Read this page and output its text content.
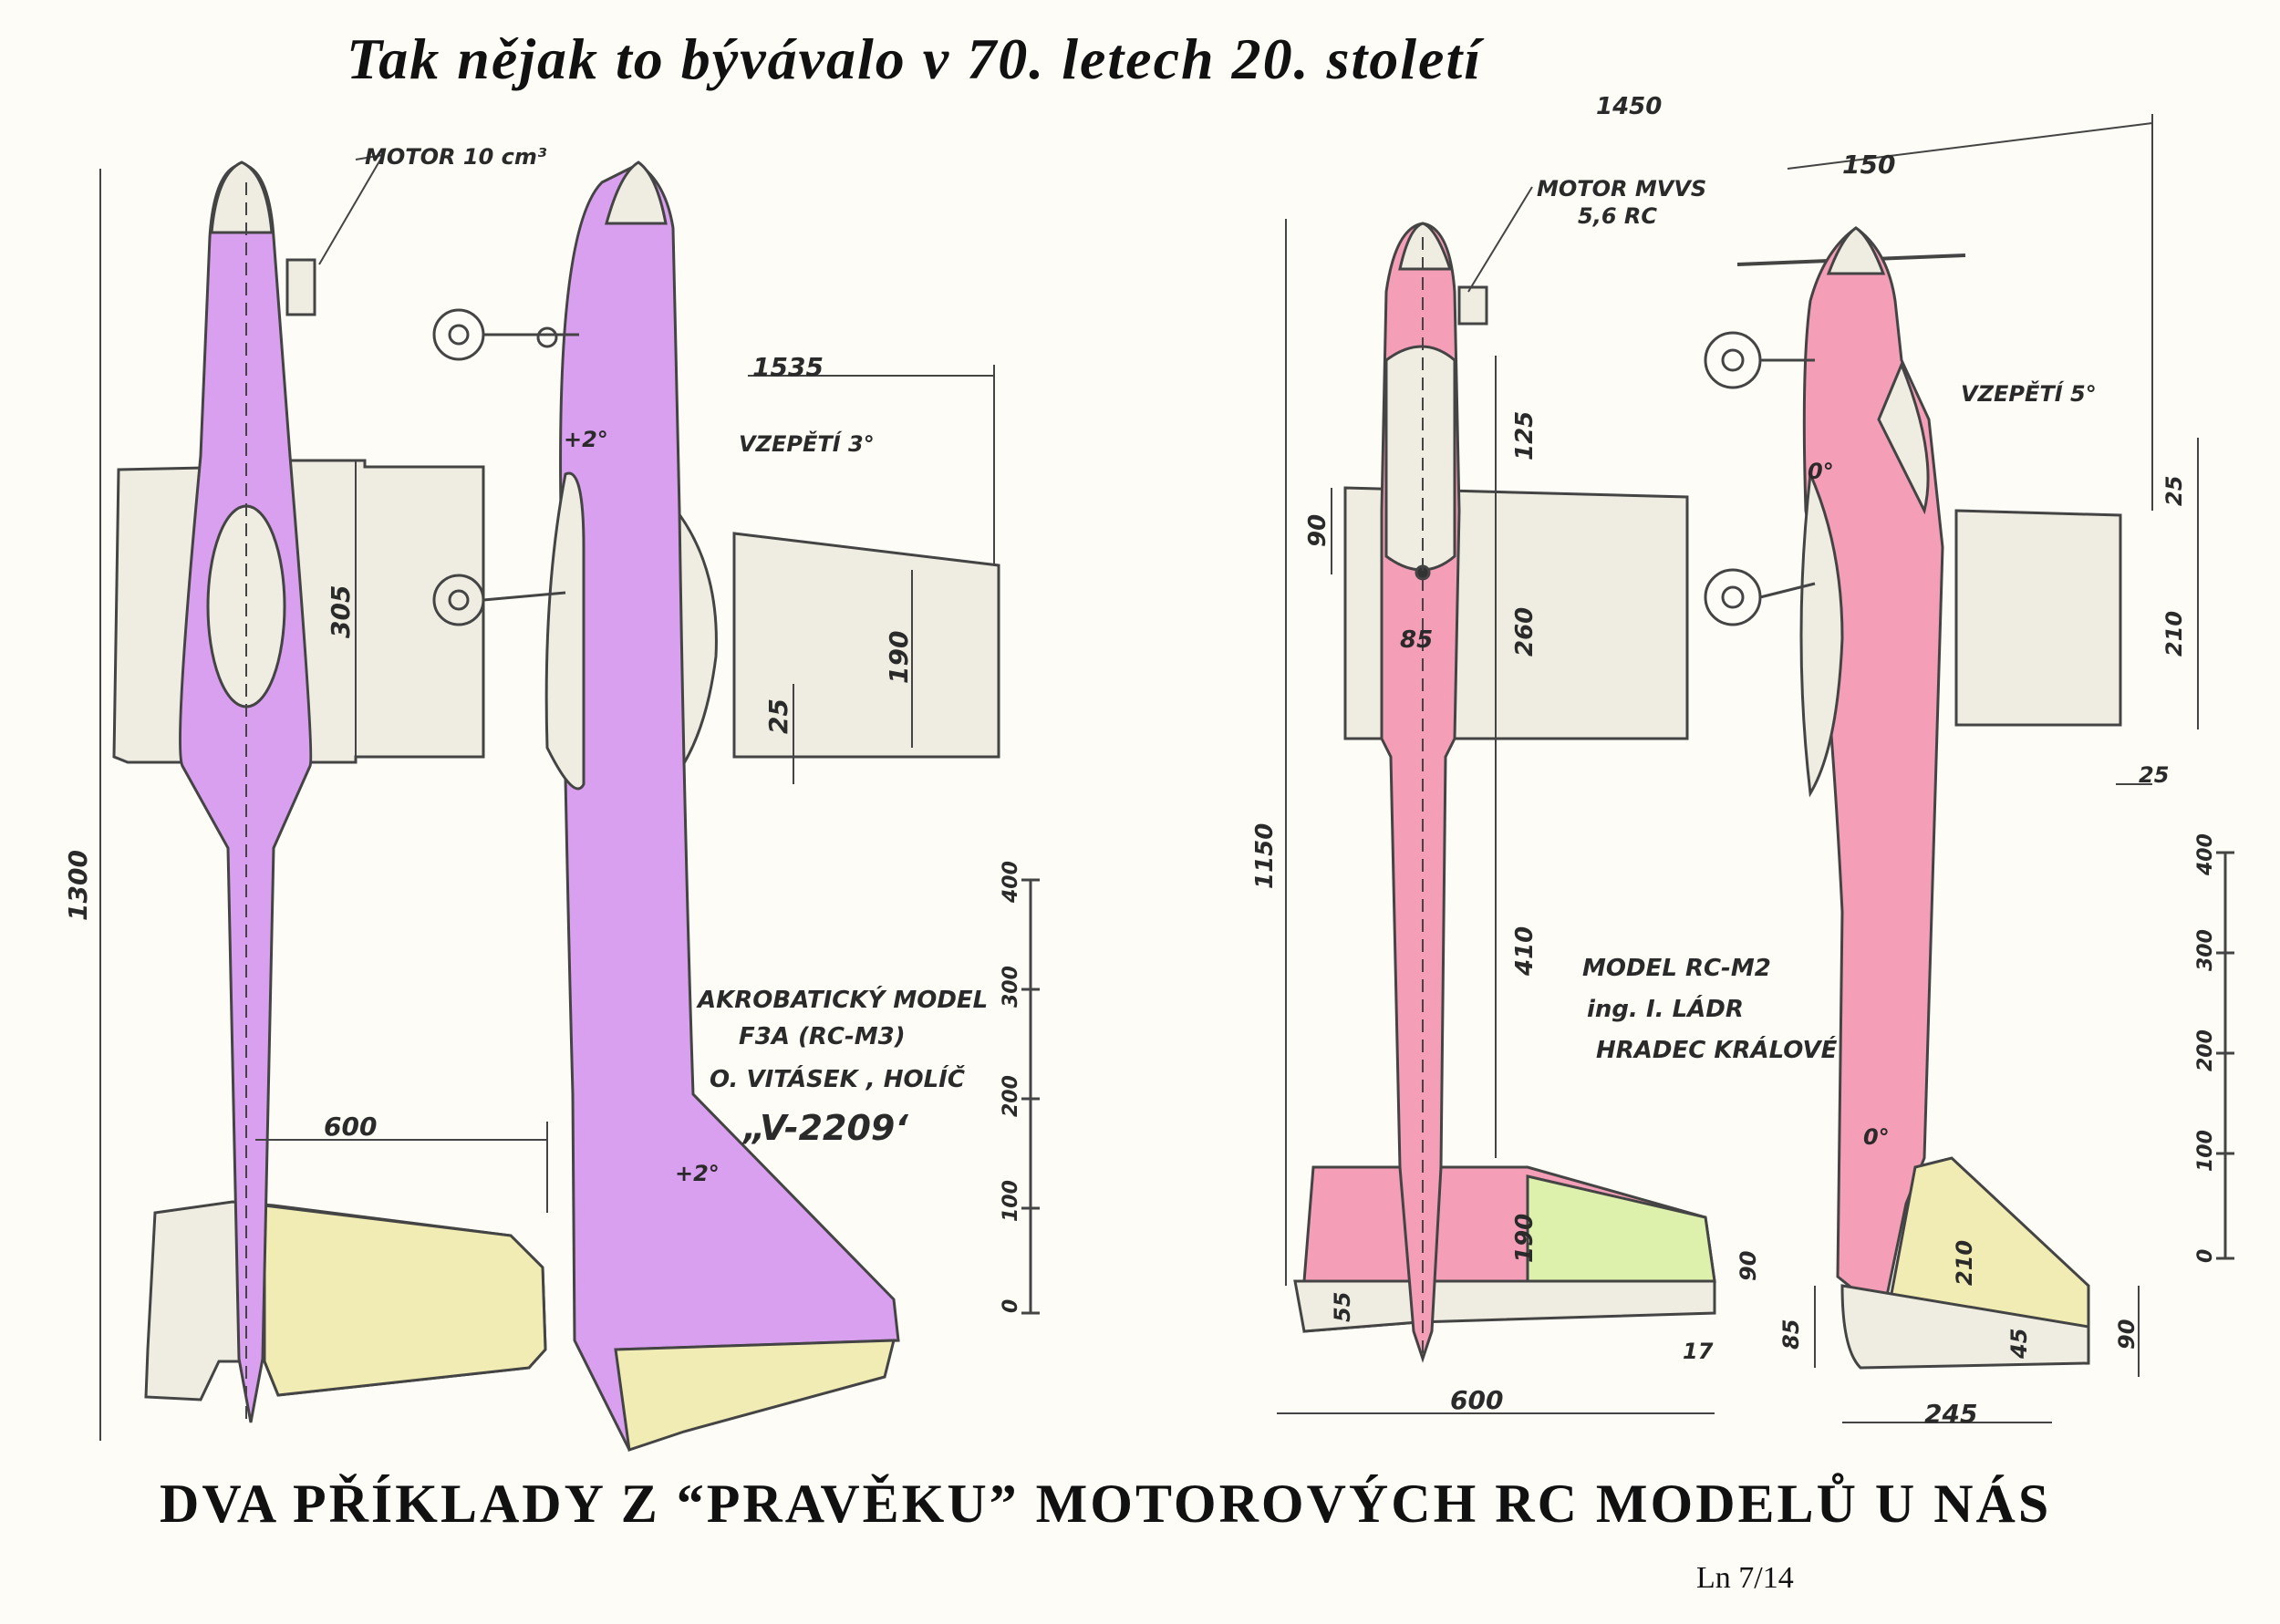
Tak nějak to bývávalo v 70. letech 20. století
MOTOR 10 cm³
VZEPĚTÍ 3°
1535
+2°
+2°
600
1300
305
190
25
AKROBATICKÝ MODEL
F3A (RC-M3)
O. VITÁSEK , HOLÍČ
„V-2209‘
0
100
200
300
400
1450
150
MOTOR MVVS
5,6 RC
VZEPĚTÍ 5°
0°
0°
1150
125
90
85	260
410
190
55
90
17
600
25
210
25
210
45
85	90
245
MODEL RC-M2
ing. I. LÁDR
HRADEC KRÁLOVÉ
0
100
200
300
400
DVA PŘÍKLADY Z “PRAVĚKU” MOTOROVÝCH RC MODELŮ U NÁS
Ln 7/14
